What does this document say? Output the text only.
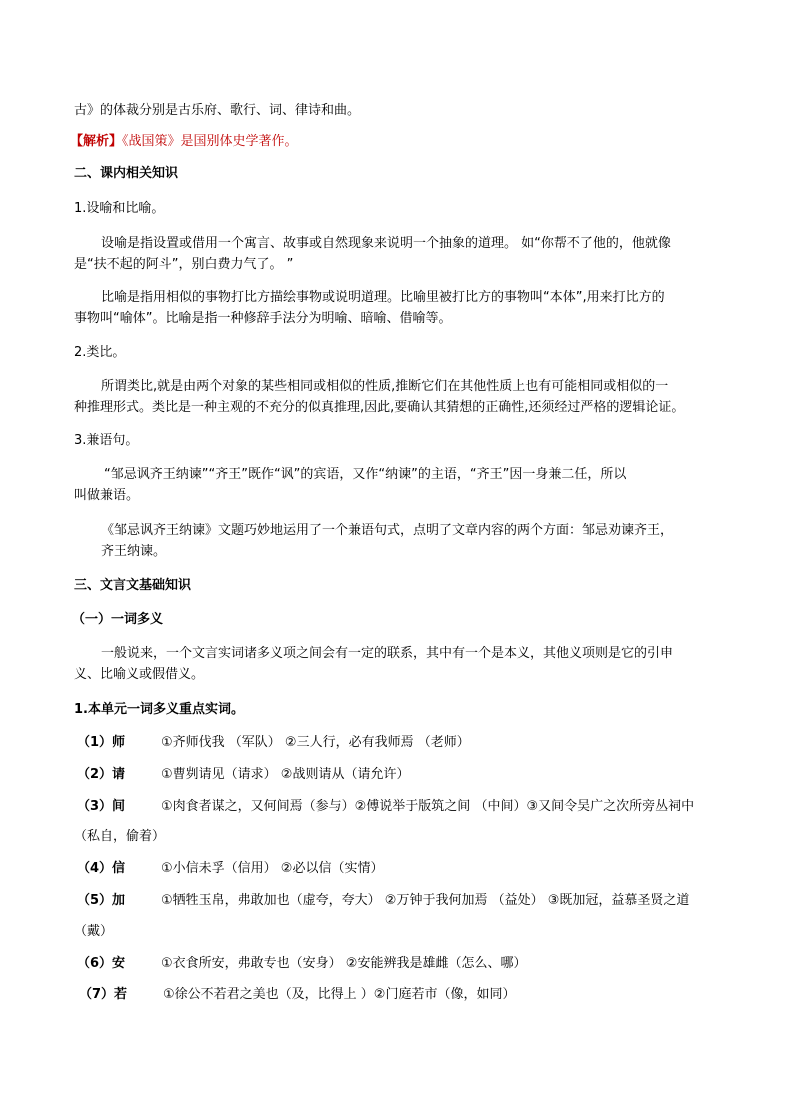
古》的体裁分别是古乐府、歌行、词、律诗和曲。
【解析】《战国策》是国别体史学著作。
二、课内相关知识
1.设喻和比喻。
设喻是指设置或借用一个寓言、故事或自然现象来说明一个抽象的道理。 如“你帮不了他的，他就像
是“扶不起的阿斗”，别白费力气了。 ”
比喻是指用相似的事物打比方描绘事物或说明道理。比喻里被打比方的事物叫“本体”,用来打比方的
事物叫“喻体”。比喻是指一种修辞手法分为明喻、暗喻、借喻等。
2.类比。
所谓类比,就是由两个对象的某些相同或相似的性质,推断它们在其他性质上也有可能相同或相似的一
种推理形式。类比是一种主观的不充分的似真推理,因此,要确认其猜想的正确性,还须经过严格的逻辑论证。
3.兼语句。
“邹忌讽齐王纳谏”“齐王”既作“讽”的宾语，又作“纳谏”的主语，“齐王”因一身兼二任，所以
叫做兼语。
《邹忌讽齐王纳谏》文题巧妙地运用了一个兼语句式，点明了文章内容的两个方面：邹忌劝谏齐王，
齐王纳谏。
三、文言文基础知识
（一）一词多义
一般说来，一个文言实词诸多义项之间会有一定的联系，其中有一个是本义，其他义项则是它的引申
义、比喻义或假借义。
1.本单元一词多义重点实词。
（1）师	①齐师伐我 （军队） ②三人行，必有我师焉 （老师）
（2）请	①曹刿请见（请求） ②战则请从（请允许）
（3）间	①肉食者谋之，又何间焉（参与）②傅说举于版筑之间 （中间）③又间令吴广之次所旁丛祠中
（私自，偷着）
（4）信	①小信未孚（信用） ②必以信（实情）
（5）加	①牺牲玉帛，弗敢加也（虚夸，夸大） ②万钟于我何加焉 （益处） ③既加冠，益慕圣贤之道
（戴）
（6）安	①衣食所安，弗敢专也（安身） ②安能辨我是雄雌（怎么、哪）
（7）若	①徐公不若君之美也（及，比得上 ）②门庭若市（像，如同）
